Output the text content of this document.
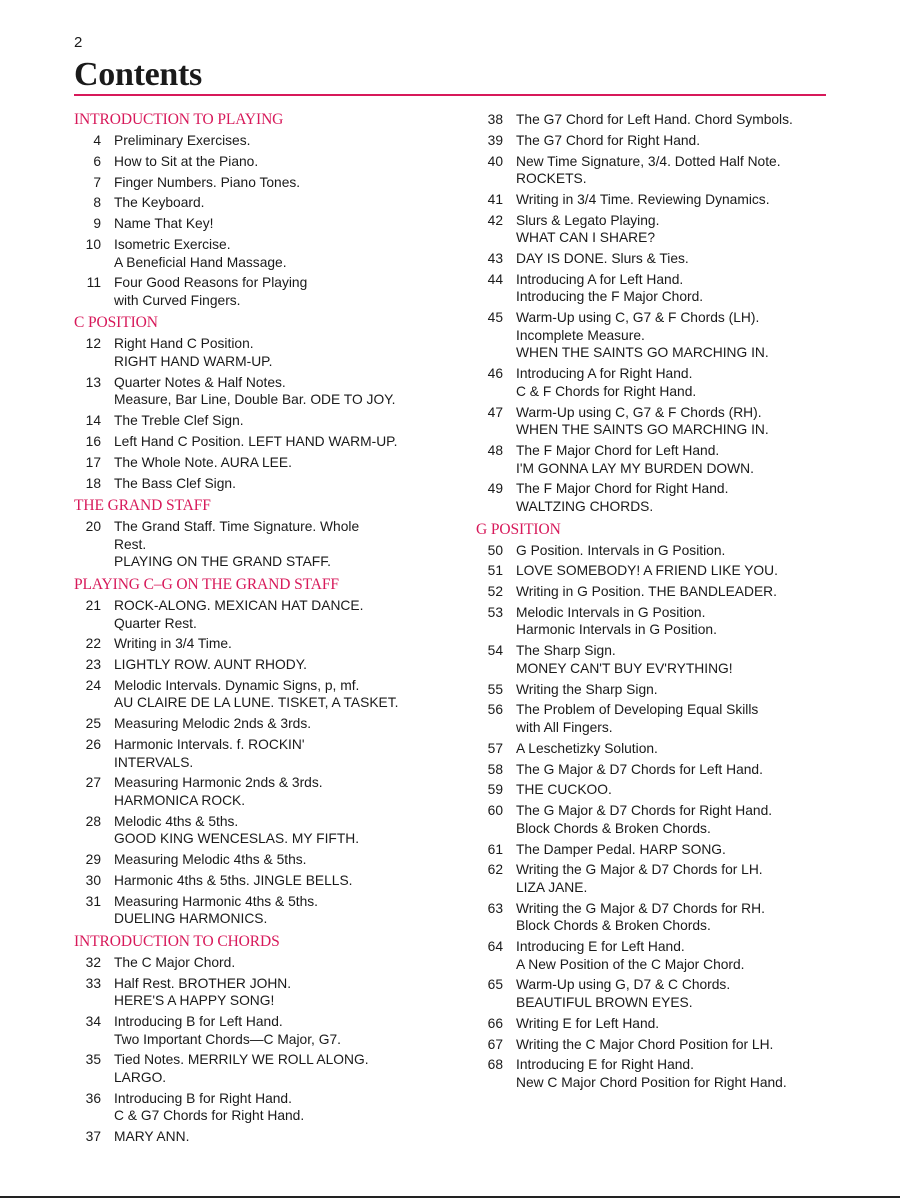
2
Contents
INTRODUCTION TO PLAYING
4 Preliminary Exercises.
6 How to Sit at the Piano.
7 Finger Numbers. Piano Tones.
8 The Keyboard.
9 Name That Key!
10 Isometric Exercise.
A Beneficial Hand Massage.
11 Four Good Reasons for Playing
with Curved Fingers.
C POSITION
12 Right Hand C Position.
RIGHT HAND WARM-UP.
13 Quarter Notes & Half Notes.
Measure, Bar Line, Double Bar. ODE TO JOY.
14 The Treble Clef Sign.
16 Left Hand C Position. LEFT HAND WARM-UP.
17 The Whole Note. AURA LEE.
18 The Bass Clef Sign.
THE GRAND STAFF
20 The Grand Staff. Time Signature. Whole
Rest.
PLAYING ON THE GRAND STAFF.
PLAYING C–G ON THE GRAND STAFF
21 ROCK-ALONG. MEXICAN HAT DANCE.
Quarter Rest.
22 Writing in 3/4 Time.
23 LIGHTLY ROW. AUNT RHODY.
24 Melodic Intervals. Dynamic Signs, p, mf.
AU CLAIRE DE LA LUNE. TISKET, A TASKET.
25 Measuring Melodic 2nds & 3rds.
26 Harmonic Intervals. f. ROCKIN'
INTERVALS.
27 Measuring Harmonic 2nds & 3rds.
HARMONICA ROCK.
28 Melodic 4ths & 5ths.
GOOD KING WENCESLAS. MY FIFTH.
29 Measuring Melodic 4ths & 5ths.
30 Harmonic 4ths & 5ths. JINGLE BELLS.
31 Measuring Harmonic 4ths & 5ths.
DUELING HARMONICS.
INTRODUCTION TO CHORDS
32 The C Major Chord.
33 Half Rest. BROTHER JOHN.
HERE'S A HAPPY SONG!
34 Introducing B for Left Hand.
Two Important Chords—C Major, G7.
35 Tied Notes. MERRILY WE ROLL ALONG.
LARGO.
36 Introducing B for Right Hand.
C & G7 Chords for Right Hand.
37 MARY ANN.
38 The G7 Chord for Left Hand. Chord Symbols.
39 The G7 Chord for Right Hand.
40 New Time Signature, 3/4. Dotted Half Note.
ROCKETS.
41 Writing in 3/4 Time. Reviewing Dynamics.
42 Slurs & Legato Playing.
WHAT CAN I SHARE?
43 DAY IS DONE. Slurs & Ties.
44 Introducing A for Left Hand.
Introducing the F Major Chord.
45 Warm-Up using C, G7 & F Chords (LH).
Incomplete Measure.
WHEN THE SAINTS GO MARCHING IN.
46 Introducing A for Right Hand.
C & F Chords for Right Hand.
47 Warm-Up using C, G7 & F Chords (RH).
WHEN THE SAINTS GO MARCHING IN.
48 The F Major Chord for Left Hand.
I'M GONNA LAY MY BURDEN DOWN.
49 The F Major Chord for Right Hand.
WALTZING CHORDS.
G POSITION
50 G Position. Intervals in G Position.
51 LOVE SOMEBODY! A FRIEND LIKE YOU.
52 Writing in G Position. THE BANDLEADER.
53 Melodic Intervals in G Position.
Harmonic Intervals in G Position.
54 The Sharp Sign.
MONEY CAN'T BUY EV'RYTHING!
55 Writing the Sharp Sign.
56 The Problem of Developing Equal Skills
with All Fingers.
57 A Leschetizky Solution.
58 The G Major & D7 Chords for Left Hand.
59 THE CUCKOO.
60 The G Major & D7 Chords for Right Hand.
Block Chords & Broken Chords.
61 The Damper Pedal. HARP SONG.
62 Writing the G Major & D7 Chords for LH.
LIZA JANE.
63 Writing the G Major & D7 Chords for RH.
Block Chords & Broken Chords.
64 Introducing E for Left Hand.
A New Position of the C Major Chord.
65 Warm-Up using G, D7 & C Chords.
BEAUTIFUL BROWN EYES.
66 Writing E for Left Hand.
67 Writing the C Major Chord Position for LH.
68 Introducing E for Right Hand.
New C Major Chord Position for Right Hand.
